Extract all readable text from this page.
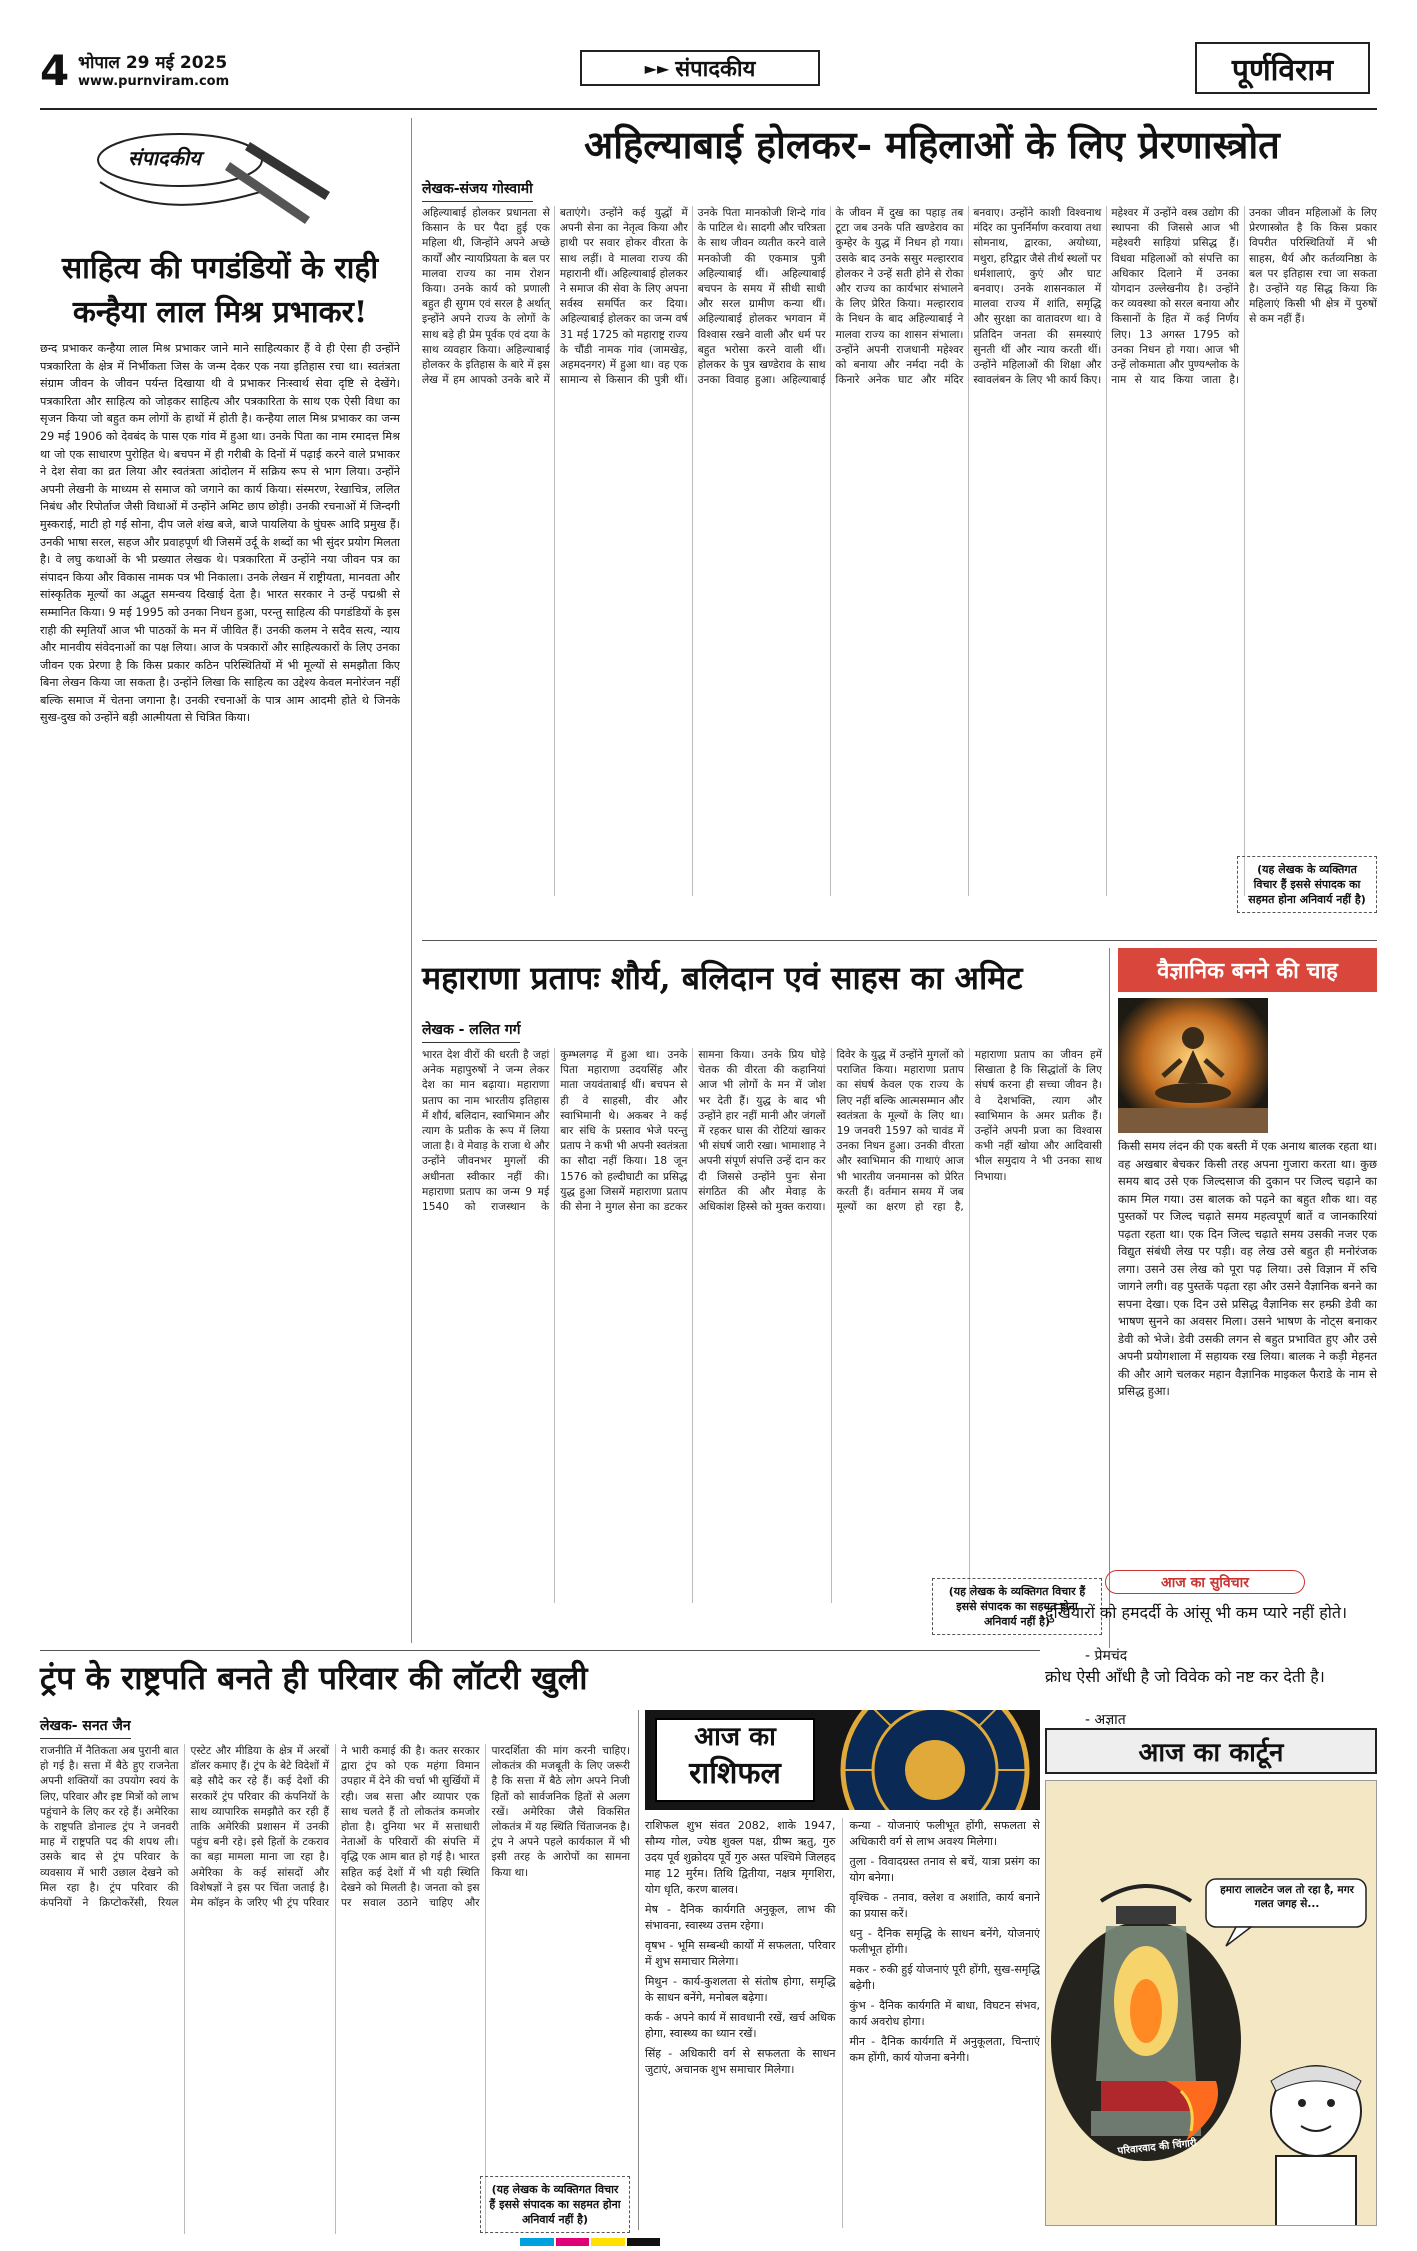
4 भोपाल 29 मई 2025
www.purnviram.com
►► संपादकीय	पूर्णविराम
संपादकीय
साहित्य की पगडंडियों के राही
कन्हैया लाल मिश्र प्रभाकर!
छन्द प्रभाकर कन्हैया लाल मिश्र प्रभाकर जाने माने साहित्यकार हैं वे ही ऐसा ही उन्होंने पत्रकारिता के क्षेत्र में निर्भीकता जिस के जन्म देकर एक नया इतिहास रचा था। स्वतंत्रता संग्राम जीवन के जीवन पर्यन्त दिखाया थी वे प्रभाकर निःस्वार्थ सेवा दृष्टि से देखेंगे। पत्रकारिता और साहित्य को जोड़कर साहित्य और पत्रकारिता के साथ एक ऐसी विधा का सृजन किया जो बहुत कम लोगों के हाथों में होती है। कन्हैया लाल मिश्र प्रभाकर का जन्म 29 मई 1906 को देवबंद के पास एक गांव में हुआ था। उनके पिता का नाम रमादत्त मिश्र था जो एक साधारण पुरोहित थे। बचपन में ही गरीबी के दिनों में पढ़ाई करने वाले प्रभाकर ने देश सेवा का व्रत लिया और स्वतंत्रता आंदोलन में सक्रिय रूप से भाग लिया। उन्होंने अपनी लेखनी के माध्यम से समाज को जगाने का कार्य किया। संस्मरण, रेखाचित्र, ललित निबंध और रिपोर्ताज जैसी विधाओं में उन्होंने अमिट छाप छोड़ी। उनकी रचनाओं में जिन्दगी मुस्कराई, माटी हो गई सोना, दीप जले शंख बजे, बाजे पायलिया के घुंघरू आदि प्रमुख हैं। उनकी भाषा सरल, सहज और प्रवाहपूर्ण थी जिसमें उर्दू के शब्दों का भी सुंदर प्रयोग मिलता है। वे लघु कथाओं के भी प्रख्यात लेखक थे। पत्रकारिता में उन्होंने नया जीवन पत्र का संपादन किया और विकास नामक पत्र भी निकाला। उनके लेखन में राष्ट्रीयता, मानवता और सांस्कृतिक मूल्यों का अद्भुत समन्वय दिखाई देता है। भारत सरकार ने उन्हें पद्मश्री से सम्मानित किया। 9 मई 1995 को उनका निधन हुआ, परन्तु साहित्य की पगडंडियों के इस राही की स्मृतियाँ आज भी पाठकों के मन में जीवित हैं। उनकी कलम ने सदैव सत्य, न्याय और मानवीय संवेदनाओं का पक्ष लिया। आज के पत्रकारों और साहित्यकारों के लिए उनका जीवन एक प्रेरणा है कि किस प्रकार कठिन परिस्थितियों में भी मूल्यों से समझौता किए बिना लेखन किया जा सकता है। उन्होंने लिखा कि साहित्य का उद्देश्य केवल मनोरंजन नहीं बल्कि समाज में चेतना जगाना है। उनकी रचनाओं के पात्र आम आदमी होते थे जिनके सुख-दुख को उन्होंने बड़ी आत्मीयता से चित्रित किया।
अहिल्याबाई होलकर- महिलाओं के लिए प्रेरणास्त्रोत
लेखक-संजय गोस्वामी

अहिल्याबाई होलकर प्रधानता से किसान के घर पैदा हुई एक महिला थी, जिन्होंने अपने अच्छे कार्यों और न्यायप्रियता के बल पर मालवा राज्य का नाम रोशन किया। उनके कार्य को प्रणाली बहुत ही सुगम एवं सरल है अर्थात् इन्होंने अपने राज्य के लोगों के साथ बड़े ही प्रेम पूर्वक एवं दया के साथ व्यवहार किया। अहिल्याबाई होलकर के इतिहास के बारे में इस लेख में हम आपको उनके बारे में बताएंगे। उन्होंने कई युद्धों में अपनी सेना का नेतृत्व किया और हाथी पर सवार होकर वीरता के साथ लड़ीं। वे मालवा राज्य की महारानी थीं। अहिल्याबाई होलकर ने समाज की सेवा के लिए अपना सर्वस्व समर्पित कर दिया। अहिल्याबाई होलकर का जन्म वर्ष 31 मई 1725 को महाराष्ट्र राज्य के चौंडी नामक गांव (जामखेड़, अहमदनगर) में हुआ था। वह एक सामान्य से किसान की पुत्री थीं। उनके पिता मानकोजी शिन्दे गांव के पाटिल थे। सादगी और चरित्रता के साथ जीवन व्यतीत करने वाले मनकोजी की एकमात्र पुत्री अहिल्याबाई थीं। अहिल्याबाई बचपन के समय में सीधी साधी और सरल ग्रामीण कन्या थीं। अहिल्याबाई होलकर भगवान में विश्वास रखने वाली और धर्म पर बहुत भरोसा करने वाली थीं। होलकर के पुत्र खण्डेराव के साथ उनका विवाह हुआ। अहिल्याबाई के जीवन में दुख का पहाड़ तब टूटा जब उनके पति खण्डेराव का कुम्हेर के युद्ध में निधन हो गया। उसके बाद उनके ससुर मल्हारराव होलकर ने उन्हें सती होने से रोका और राज्य का कार्यभार संभालने के लिए प्रेरित किया। मल्हारराव के निधन के बाद अहिल्याबाई ने मालवा राज्य का शासन संभाला। उन्होंने अपनी राजधानी महेश्वर को बनाया और नर्मदा नदी के किनारे अनेक घाट और मंदिर बनवाए। उन्होंने काशी विश्वनाथ मंदिर का पुनर्निर्माण करवाया तथा सोमनाथ, द्वारका, अयोध्या, मथुरा, हरिद्वार जैसे तीर्थ स्थलों पर धर्मशालाएं, कुएं और घाट बनवाए। उनके शासनकाल में मालवा राज्य में शांति, समृद्धि और सुरक्षा का वातावरण था। वे प्रतिदिन जनता की समस्याएं सुनती थीं और न्याय करती थीं। उन्होंने महिलाओं की शिक्षा और स्वावलंबन के लिए भी कार्य किए। महेश्वर में उन्होंने वस्त्र उद्योग की स्थापना की जिससे आज भी महेश्वरी साड़ियां प्रसिद्ध हैं। विधवा महिलाओं को संपत्ति का अधिकार दिलाने में उनका योगदान उल्लेखनीय है। उन्होंने कर व्यवस्था को सरल बनाया और किसानों के हित में कई निर्णय लिए। 13 अगस्त 1795 को उनका निधन हो गया। आज भी उन्हें लोकमाता और पुण्यश्लोक के नाम से याद किया जाता है। उनका जीवन महिलाओं के लिए प्रेरणास्त्रोत है कि किस प्रकार विपरीत परिस्थितियों में भी साहस, धैर्य और कर्तव्यनिष्ठा के बल पर इतिहास रचा जा सकता है। उन्होंने यह सिद्ध किया कि महिलाएं किसी भी क्षेत्र में पुरुषों से कम नहीं हैं।

(यह लेखक के व्यक्तिगत विचार हैं इससे संपादक का सहमत होना अनिवार्य नहीं है)
महाराणा प्रतापः शौर्य, बलिदान एवं साहस का अमिट
लेखक - ललित गर्ग

भारत देश वीरों की धरती है जहां अनेक महापुरुषों ने जन्म लेकर देश का मान बढ़ाया। महाराणा प्रताप का नाम भारतीय इतिहास में शौर्य, बलिदान, स्वाभिमान और त्याग के प्रतीक के रूप में लिया जाता है। वे मेवाड़ के राजा थे और उन्होंने जीवनभर मुगलों की अधीनता स्वीकार नहीं की। महाराणा प्रताप का जन्म 9 मई 1540 को राजस्थान के कुम्भलगढ़ में हुआ था। उनके पिता महाराणा उदयसिंह और माता जयवंताबाई थीं। बचपन से ही वे साहसी, वीर और स्वाभिमानी थे। अकबर ने कई बार संधि के प्रस्ताव भेजे परन्तु प्रताप ने कभी भी अपनी स्वतंत्रता का सौदा नहीं किया। 18 जून 1576 को हल्दीघाटी का प्रसिद्ध युद्ध हुआ जिसमें महाराणा प्रताप की सेना ने मुगल सेना का डटकर सामना किया। उनके प्रिय घोड़े चेतक की वीरता की कहानियां आज भी लोगों के मन में जोश भर देती हैं। युद्ध के बाद भी उन्होंने हार नहीं मानी और जंगलों में रहकर घास की रोटियां खाकर भी संघर्ष जारी रखा। भामाशाह ने अपनी संपूर्ण संपत्ति उन्हें दान कर दी जिससे उन्होंने पुनः सेना संगठित की और मेवाड़ के अधिकांश हिस्से को मुक्त कराया। दिवेर के युद्ध में उन्होंने मुगलों को पराजित किया। महाराणा प्रताप का संघर्ष केवल एक राज्य के लिए नहीं बल्कि आत्मसम्मान और स्वतंत्रता के मूल्यों के लिए था। 19 जनवरी 1597 को चावंड में उनका निधन हुआ। उनकी वीरता और स्वाभिमान की गाथाएं आज भी भारतीय जनमानस को प्रेरित करती हैं। वर्तमान समय में जब मूल्यों का क्षरण हो रहा है, महाराणा प्रताप का जीवन हमें सिखाता है कि सिद्धांतों के लिए संघर्ष करना ही सच्चा जीवन है। वे देशभक्ति, त्याग और स्वाभिमान के अमर प्रतीक हैं। उन्होंने अपनी प्रजा का विश्वास कभी नहीं खोया और आदिवासी भील समुदाय ने भी उनका साथ निभाया।

(यह लेखक के व्यक्तिगत विचार हैं इससे संपादक का सहमत होना अनिवार्य नहीं है)
वैज्ञानिक बनने की चाह
किसी समय लंदन की एक बस्ती में एक अनाथ बालक रहता था। वह अखबार बेचकर किसी तरह अपना गुजारा करता था। कुछ समय बाद उसे एक जिल्दसाज की दुकान पर जिल्द चढ़ाने का काम मिल गया। उस बालक को पढ़ने का बहुत शौक था। वह पुस्तकों पर जिल्द चढ़ाते समय महत्वपूर्ण बातें व जानकारियां पढ़ता रहता था। एक दिन जिल्द चढ़ाते समय उसकी नजर एक विद्युत संबंधी लेख पर पड़ी। वह लेख उसे बहुत ही मनोरंजक लगा। उसने उस लेख को पूरा पढ़ लिया। उसे विज्ञान में रुचि जागने लगी। वह पुस्तकें पढ़ता रहा और उसने वैज्ञानिक बनने का सपना देखा। एक दिन उसे प्रसिद्ध वैज्ञानिक सर हम्फ्री डेवी का भाषण सुनने का अवसर मिला। उसने भाषण के नोट्स बनाकर डेवी को भेजे। डेवी उसकी लगन से बहुत प्रभावित हुए और उसे अपनी प्रयोगशाला में सहायक रख लिया। बालक ने कड़ी मेहनत की और आगे चलकर महान वैज्ञानिक माइकल फैराडे के नाम से प्रसिद्ध हुआ।
आज का सुविचार
दुखियारों को हमदर्दी के आंसू भी कम प्यारे नहीं होते।
- प्रेमचंद
क्रोध ऐसी आँधी है जो विवेक को नष्ट कर देती है।
- अज्ञात
ट्रंप के राष्ट्रपति बनते ही परिवार की लॉटरी खुली
लेखक- सनत जैन

राजनीति में नैतिकता अब पुरानी बात हो गई है। सत्ता में बैठे हुए राजनेता अपनी शक्तियों का उपयोग स्वयं के लिए, परिवार और इष्ट मित्रों को लाभ पहुंचाने के लिए कर रहे हैं। अमेरिका के राष्ट्रपति डोनाल्ड ट्रंप ने जनवरी माह में राष्ट्रपति पद की शपथ ली। उसके बाद से ट्रंप परिवार के व्यवसाय में भारी उछाल देखने को मिल रहा है। ट्रंप परिवार की कंपनियों ने क्रिप्टोकरेंसी, रियल एस्टेट और मीडिया के क्षेत्र में अरबों डॉलर कमाए हैं। ट्रंप के बेटे विदेशों में बड़े सौदे कर रहे हैं। कई देशों की सरकारें ट्रंप परिवार की कंपनियों के साथ व्यापारिक समझौते कर रही हैं ताकि अमेरिकी प्रशासन में उनकी पहुंच बनी रहे। इसे हितों के टकराव का बड़ा मामला माना जा रहा है। अमेरिका के कई सांसदों और विशेषज्ञों ने इस पर चिंता जताई है। मेम कॉइन के जरिए भी ट्रंप परिवार ने भारी कमाई की है। कतर सरकार द्वारा ट्रंप को एक महंगा विमान उपहार में देने की चर्चा भी सुर्खियों में रही। जब सत्ता और व्यापार एक साथ चलते हैं तो लोकतंत्र कमजोर होता है। दुनिया भर में सत्ताधारी नेताओं के परिवारों की संपत्ति में वृद्धि एक आम बात हो गई है। भारत सहित कई देशों में भी यही स्थिति देखने को मिलती है। जनता को इस पर सवाल उठाने चाहिए और पारदर्शिता की मांग करनी चाहिए। लोकतंत्र की मजबूती के लिए जरूरी है कि सत्ता में बैठे लोग अपने निजी हितों को सार्वजनिक हितों से अलग रखें। अमेरिका जैसे विकसित लोकतंत्र में यह स्थिति चिंताजनक है। ट्रंप ने अपने पहले कार्यकाल में भी इसी तरह के आरोपों का सामना किया था।

(यह लेखक के व्यक्तिगत विचार हैं इससे संपादक का सहमत होना अनिवार्य नहीं है)
आज का
राशिफल

राशिफल शुभ संवत 2082, शाके 1947, सौम्य गोल, ज्येष्ठ शुक्ल पक्ष, ग्रीष्म ऋतु, गुरु उदय पूर्व शुक्रोदय पूर्वे गुरु अस्त पश्चिमे जिलहद माह 12 मुर्रम। तिथि द्वितीया, नक्षत्र मृगशिरा, योग धृति, करण बालव।

मेष - दैनिक कार्यगति अनुकूल, लाभ की संभावना, स्वास्थ्य उत्तम रहेगा।

वृषभ - भूमि सम्बन्धी कार्यों में सफलता, परिवार में शुभ समाचार मिलेगा।

मिथुन - कार्य-कुशलता से संतोष होगा, समृद्धि के साधन बनेंगे, मनोबल बढ़ेगा।

कर्क - अपने कार्य में सावधानी रखें, खर्च अधिक होगा, स्वास्थ्य का ध्यान रखें।

सिंह - अधिकारी वर्ग से सफलता के साधन जुटाएं, अचानक शुभ समाचार मिलेगा।

कन्या - योजनाएं फलीभूत होंगी, सफलता से अधिकारी वर्ग से लाभ अवश्य मिलेगा।

तुला - विवादग्रस्त तनाव से बचें, यात्रा प्रसंग का योग बनेगा।

वृश्चिक - तनाव, क्लेश व अशांति, कार्य बनाने का प्रयास करें।

धनु - दैनिक समृद्धि के साधन बनेंगे, योजनाएं फलीभूत होंगी।

मकर - रुकी हुई योजनाएं पूरी होंगी, सुख-समृद्धि बढ़ेगी।

कुंभ - दैनिक कार्यगति में बाधा, विघटन संभव, कार्य अवरोध होगा।

मीन - दैनिक कार्यगति में अनुकूलता, चिन्ताएं कम होंगी, कार्य योजना बनेगी।

आज का कार्टून
हमारा लालटेन जल तो रहा है, मगर गलत जगह से...
परिवारवाद की चिंगारी
